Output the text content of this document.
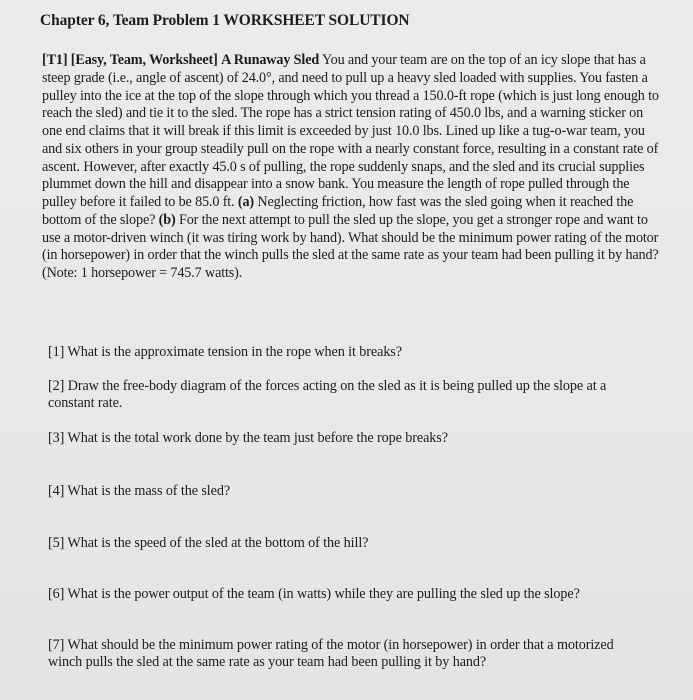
Chapter 6, Team Problem 1 WORKSHEET SOLUTION
[T1] [Easy, Team, Worksheet] A Runaway Sled You and your team are on the top of an icy slope that has a steep grade (i.e., angle of ascent) of 24.0°, and need to pull up a heavy sled loaded with supplies. You fasten a pulley into the ice at the top of the slope through which you thread a 150.0-ft rope (which is just long enough to reach the sled) and tie it to the sled. The rope has a strict tension rating of 450.0 lbs, and a warning sticker on one end claims that it will break if this limit is exceeded by just 10.0 lbs. Lined up like a tug-o-war team, you and six others in your group steadily pull on the rope with a nearly constant force, resulting in a constant rate of ascent. However, after exactly 45.0 s of pulling, the rope suddenly snaps, and the sled and its crucial supplies plummet down the hill and disappear into a snow bank. You measure the length of rope pulled through the pulley before it failed to be 85.0 ft. (a) Neglecting friction, how fast was the sled going when it reached the bottom of the slope? (b) For the next attempt to pull the sled up the slope, you get a stronger rope and want to use a motor-driven winch (it was tiring work by hand). What should be the minimum power rating of the motor (in horsepower) in order that the winch pulls the sled at the same rate as your team had been pulling it by hand? (Note: 1 horsepower = 745.7 watts).
[1] What is the approximate tension in the rope when it breaks?
[2] Draw the free-body diagram of the forces acting on the sled as it is being pulled up the slope at a constant rate.
[3] What is the total work done by the team just before the rope breaks?
[4] What is the mass of the sled?
[5] What is the speed of the sled at the bottom of the hill?
[6] What is the power output of the team (in watts) while they are pulling the sled up the slope?
[7] What should be the minimum power rating of the motor (in horsepower) in order that a motorized winch pulls the sled at the same rate as your team had been pulling it by hand?
